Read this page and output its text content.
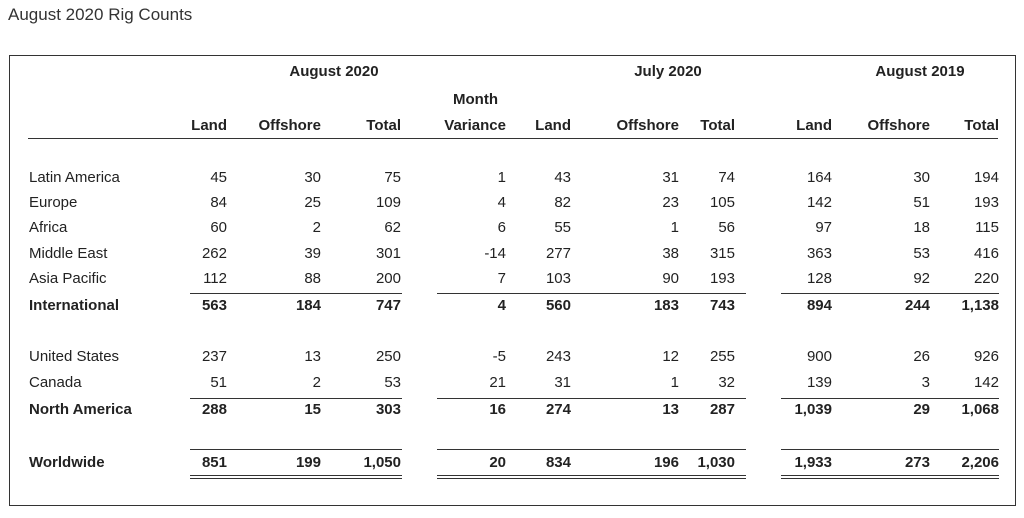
August 2020 Rig Counts
August 2020	July 2020	August 2019
Month
Land	Offshore	Total	Variance	Land	Offshore	Total	Land	Offshore	Total
Latin America	45	30	75	1	43	31	74	164	30	194
Europe	84	25	109	4	82	23	105	142	51	193
Africa	60	2	62	6	55	1	56	97	18	115
Middle East	262	39	301	-14	277	38	315	363	53	416
Asia Pacific	112	88	200	7	103	90	193	128	92	220
International	563	184	747	4	560	183	743	894	244	1,138
United States	237	13	250	-5	243	12	255	900	26	926
Canada	51	2	53	21	31	1	32	139	3	142
North America	288	15	303	16	274	13	287	1,039	29	1,068
Worldwide	851	199	1,050	20	834	196	1,030	1,933	273	2,206
